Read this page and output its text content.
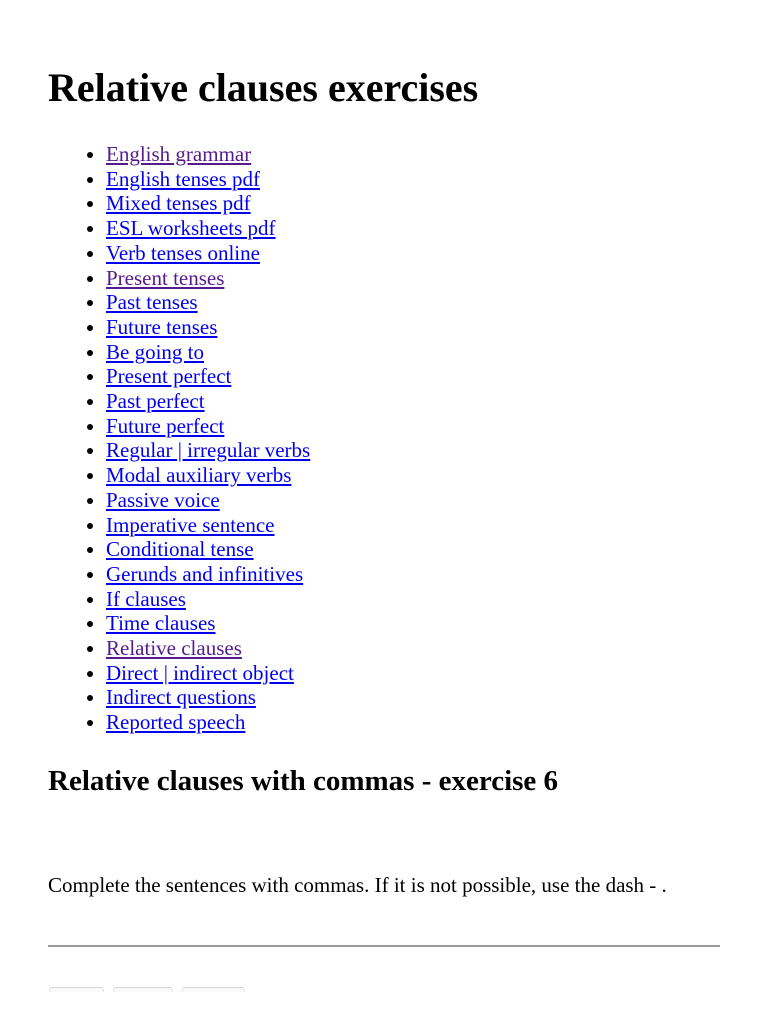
Relative clauses exercises
• English grammar
• English tenses pdf
• Mixed tenses pdf
• ESL worksheets pdf
• Verb tenses online
• Present tenses
• Past tenses
• Future tenses
• Be going to
• Present perfect
• Past perfect
• Future perfect
• Regular | irregular verbs
• Modal auxiliary verbs
• Passive voice
• Imperative sentence
• Conditional tense
• Gerunds and infinitives
• If clauses
• Time clauses
• Relative clauses
• Direct | indirect object
• Indirect questions
• Reported speech
Relative clauses with commas - exercise 6

Complete the sentences with commas. If it is not possible, use the dash - .
